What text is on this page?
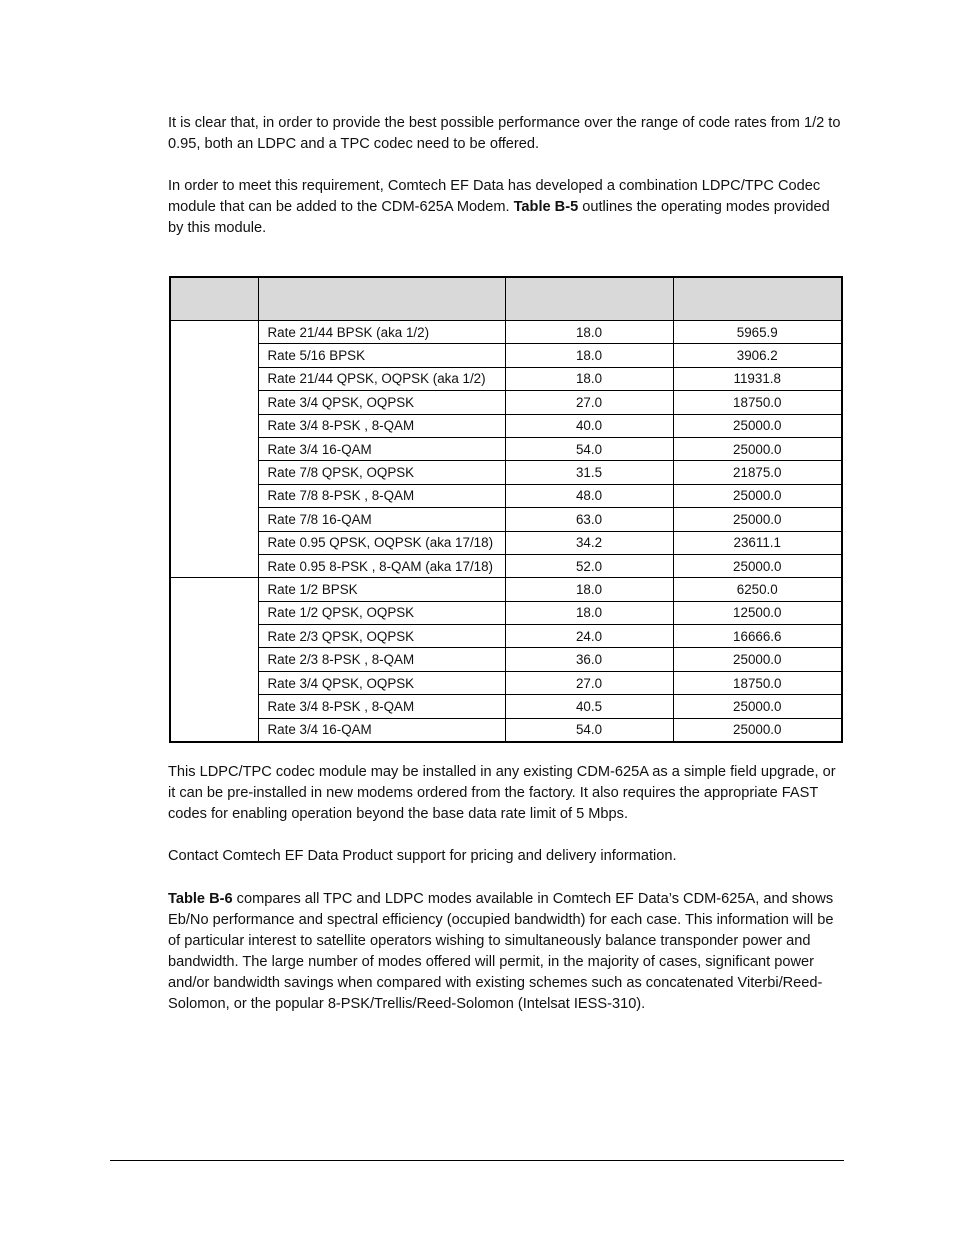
It is clear that, in order to provide the best possible performance over the range of code rates from 1/2 to 0.95, both an LDPC and a TPC codec need to be offered.

In order to meet this requirement, Comtech EF Data has developed a combination LDPC/TPC Codec module that can be added to the CDM-625A Modem. Table B-5 outlines the operating modes provided by this module.

	Rate 21/44 BPSK (aka 1/2)	18.0	5965.9
	Rate 5/16 BPSK	18.0	3906.2
	Rate 21/44 QPSK, OQPSK (aka 1/2)	18.0	11931.8
	Rate 3/4 QPSK, OQPSK	27.0	18750.0
	Rate 3/4 8-PSK , 8-QAM	40.0	25000.0
	Rate 3/4 16-QAM	54.0	25000.0
	Rate 7/8 QPSK, OQPSK	31.5	21875.0
	Rate 7/8 8-PSK , 8-QAM	48.0	25000.0
	Rate 7/8 16-QAM	63.0	25000.0
	Rate 0.95 QPSK, OQPSK (aka 17/18)	34.2	23611.1
	Rate 0.95 8-PSK , 8-QAM (aka 17/18)	52.0	25000.0
	Rate 1/2 BPSK	18.0	6250.0
	Rate 1/2 QPSK, OQPSK	18.0	12500.0
	Rate 2/3 QPSK, OQPSK	24.0	16666.6
	Rate 2/3 8-PSK , 8-QAM	36.0	25000.0
	Rate 3/4 QPSK, OQPSK	27.0	18750.0
	Rate 3/4 8-PSK , 8-QAM	40.5	25000.0
	Rate 3/4 16-QAM	54.0	25000.0

This LDPC/TPC codec module may be installed in any existing CDM-625A as a simple field upgrade, or it can be pre-installed in new modems ordered from the factory. It also requires the appropriate FAST codes for enabling operation beyond the base data rate limit of 5 Mbps.

Contact Comtech EF Data Product support for pricing and delivery information.

Table B-6 compares all TPC and LDPC modes available in Comtech EF Data’s CDM-625A, and shows Eb/No performance and spectral efficiency (occupied bandwidth) for each case. This information will be of particular interest to satellite operators wishing to simultaneously balance transponder power and bandwidth. The large number of modes offered will permit, in the majority of cases, significant power and/or bandwidth savings when compared with existing schemes such as concatenated Viterbi/Reed-Solomon, or the popular 8-PSK/Trellis/Reed-Solomon (Intelsat IESS-310).
